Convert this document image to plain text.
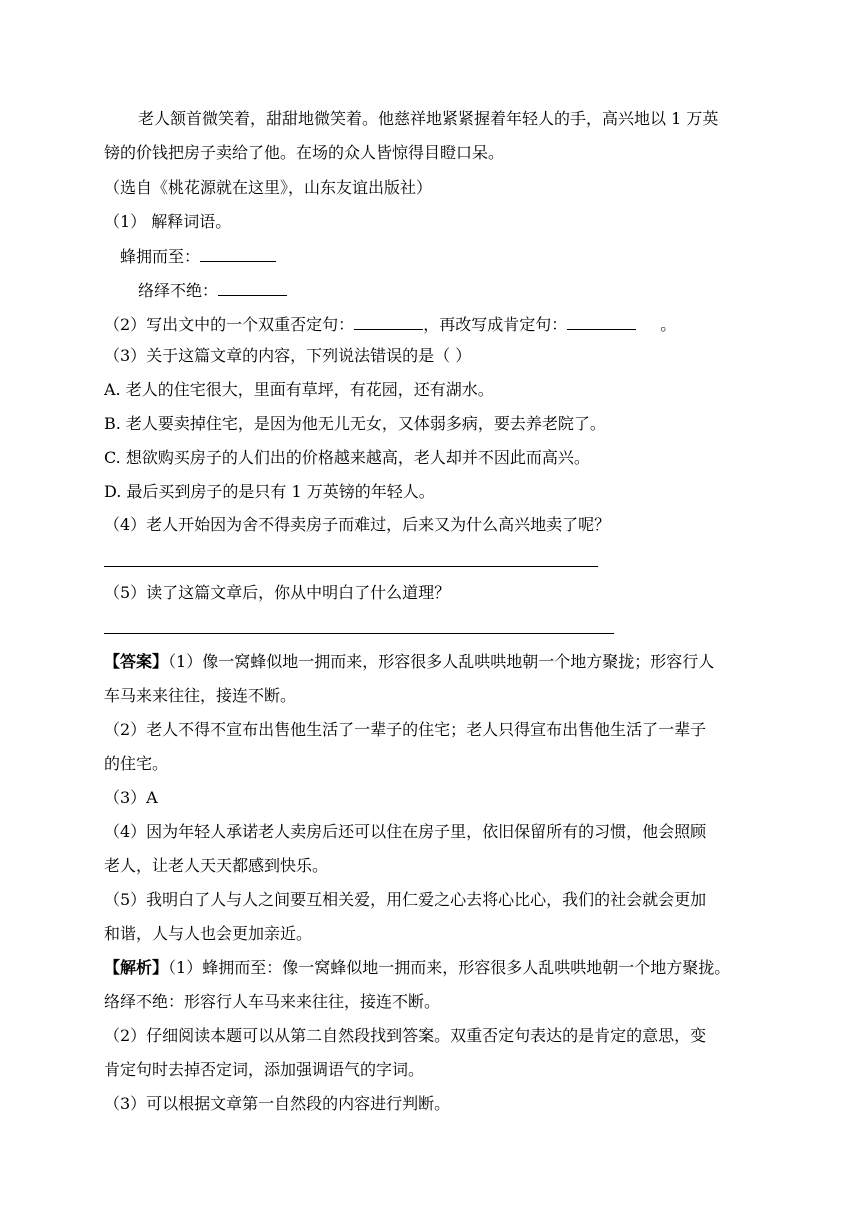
老人颔首微笑着，甜甜地微笑着。他慈祥地紧紧握着年轻人的手，高兴地以 1 万英
镑的价钱把房子卖给了他。在场的众人皆惊得目瞪口呆。
（选自《桃花源就在这里》，山东友谊出版社）
（1） 解释词语。
蜂拥而至：
络绎不绝：
（2）写出文中的一个双重否定句：	，再改写成肯定句：	。
（3）关于这篇文章的内容，下列说法错误的是（ ）
A. 老人的住宅很大，里面有草坪，有花园，还有湖水。
B. 老人要卖掉住宅，是因为他无儿无女，又体弱多病，要去养老院了。
C. 想欲购买房子的人们出的价格越来越高，老人却并不因此而高兴。
D. 最后买到房子的是只有 1 万英镑的年轻人。
（4）老人开始因为舍不得卖房子而难过，后来又为什么高兴地卖了呢？
（5）读了这篇文章后，你从中明白了什么道理？
【答案】（1）像一窝蜂似地一拥而来，形容很多人乱哄哄地朝一个地方聚拢；形容行人
车马来来往往，接连不断。
（2）老人不得不宣布出售他生活了一辈子的住宅；老人只得宣布出售他生活了一辈子
的住宅。
（3）A
（4）因为年轻人承诺老人卖房后还可以住在房子里，依旧保留所有的习惯，他会照顾
老人，让老人天天都感到快乐。
（5）我明白了人与人之间要互相关爱，用仁爱之心去将心比心，我们的社会就会更加
和谐，人与人也会更加亲近。
【解析】（1）蜂拥而至：像一窝蜂似地一拥而来，形容很多人乱哄哄地朝一个地方聚拢。
络绎不绝：形容行人车马来来往往，接连不断。
（2）仔细阅读本题可以从第二自然段找到答案。双重否定句表达的是肯定的意思，变
肯定句时去掉否定词，添加强调语气的字词。
（3）可以根据文章第一自然段的内容进行判断。
